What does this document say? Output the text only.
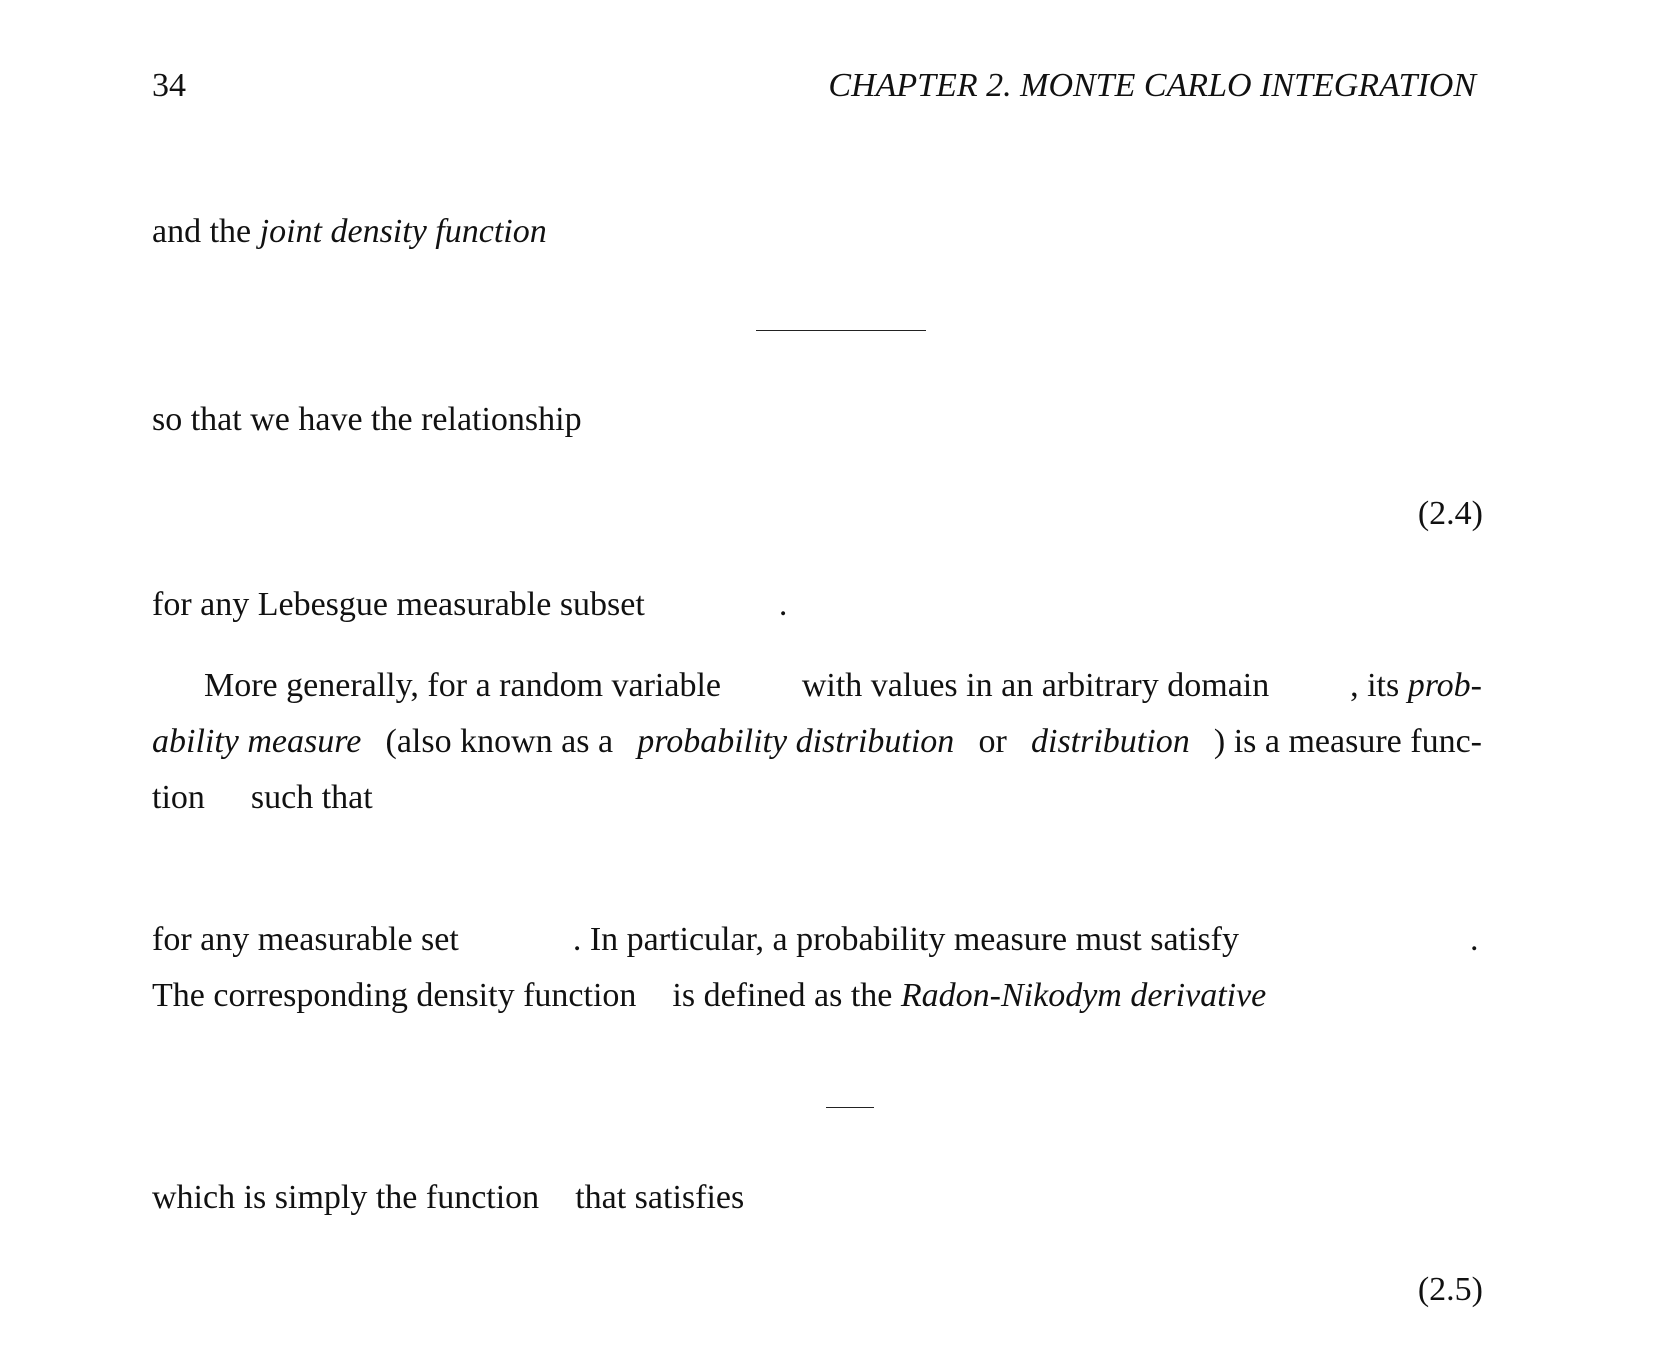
34	CHAPTER 2. MONTE CARLO INTEGRATION
and the joint density function
so that we have the relationship
(2.4)
for any Lebesgue measurable subset	.
More generally, for a random variable with values in an arbitrary domain , its prob-
ability measure (also known as a probability distribution or distribution ) is a measure func-
tion such that
for any measurable set	. In particular, a probability measure must satisfy	.
The corresponding density function is defined as the Radon-Nikodym derivative
which is simply the function that satisfies
(2.5)
